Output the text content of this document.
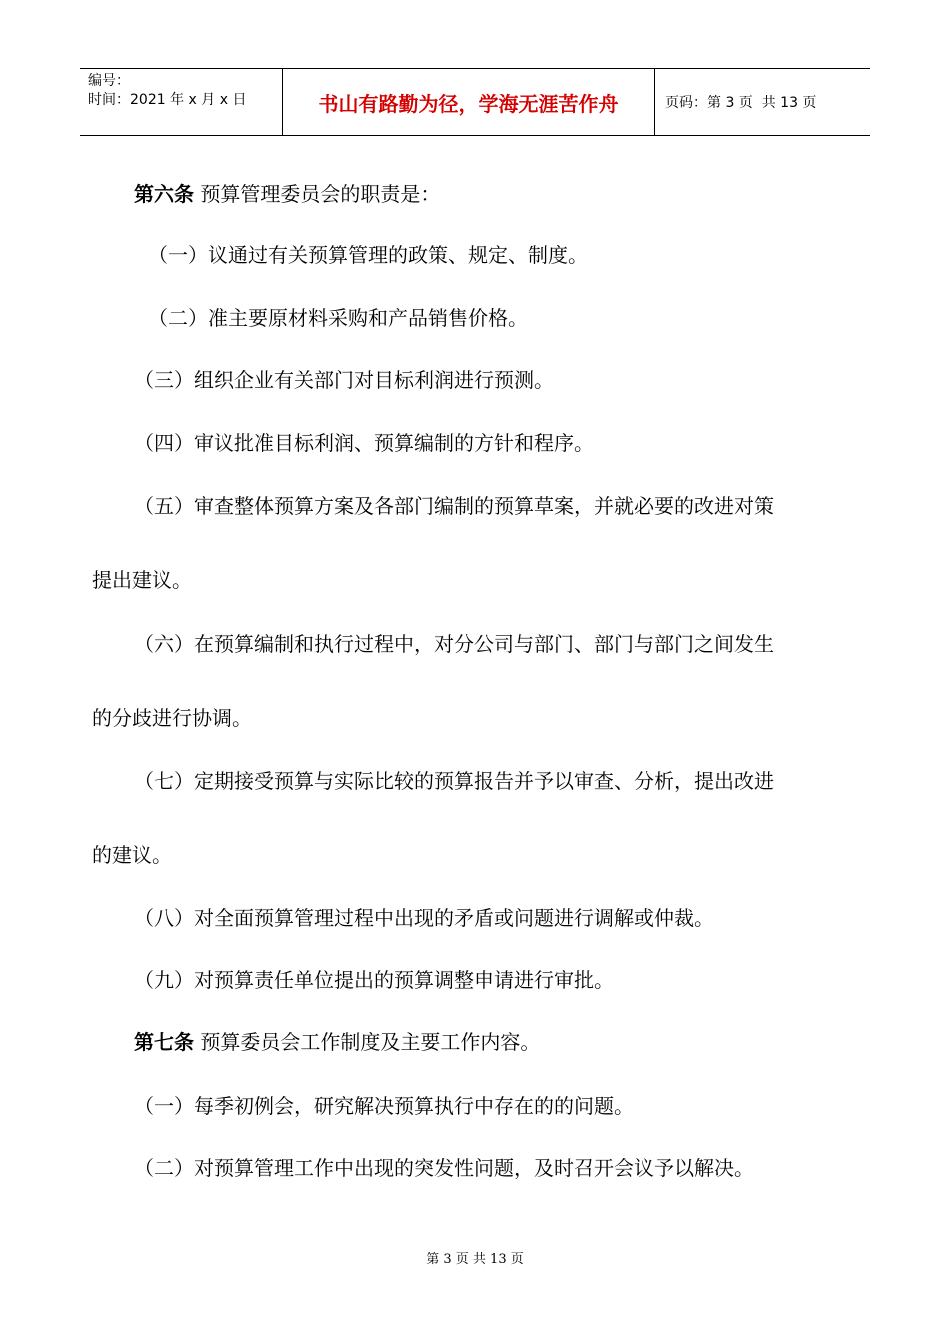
编号：
时间：2021 年 x 月 x 日	书山有路勤为径，学海无涯苦作舟	页码：第 3 页  共 13 页
第六条 预算管理委员会的职责是：
（一）议通过有关预算管理的政策、规定、制度。
（二）准主要原材料采购和产品销售价格。
（三）组织企业有关部门对目标利润进行预测。
（四）审议批准目标利润、预算编制的方针和程序。
（五）审查整体预算方案及各部门编制的预算草案，并就必要的改进对策
提出建议。
（六）在预算编制和执行过程中，对分公司与部门、部门与部门之间发生
的分歧进行协调。
（七）定期接受预算与实际比较的预算报告并予以审查、分析，提出改进
的建议。
（八）对全面预算管理过程中出现的矛盾或问题进行调解或仲裁。
（九）对预算责任单位提出的预算调整申请进行审批。
第七条 预算委员会工作制度及主要工作内容。
（一）每季初例会，研究解决预算执行中存在的的问题。
（二）对预算管理工作中出现的突发性问题，及时召开会议予以解决。
第 3 页 共 13 页
